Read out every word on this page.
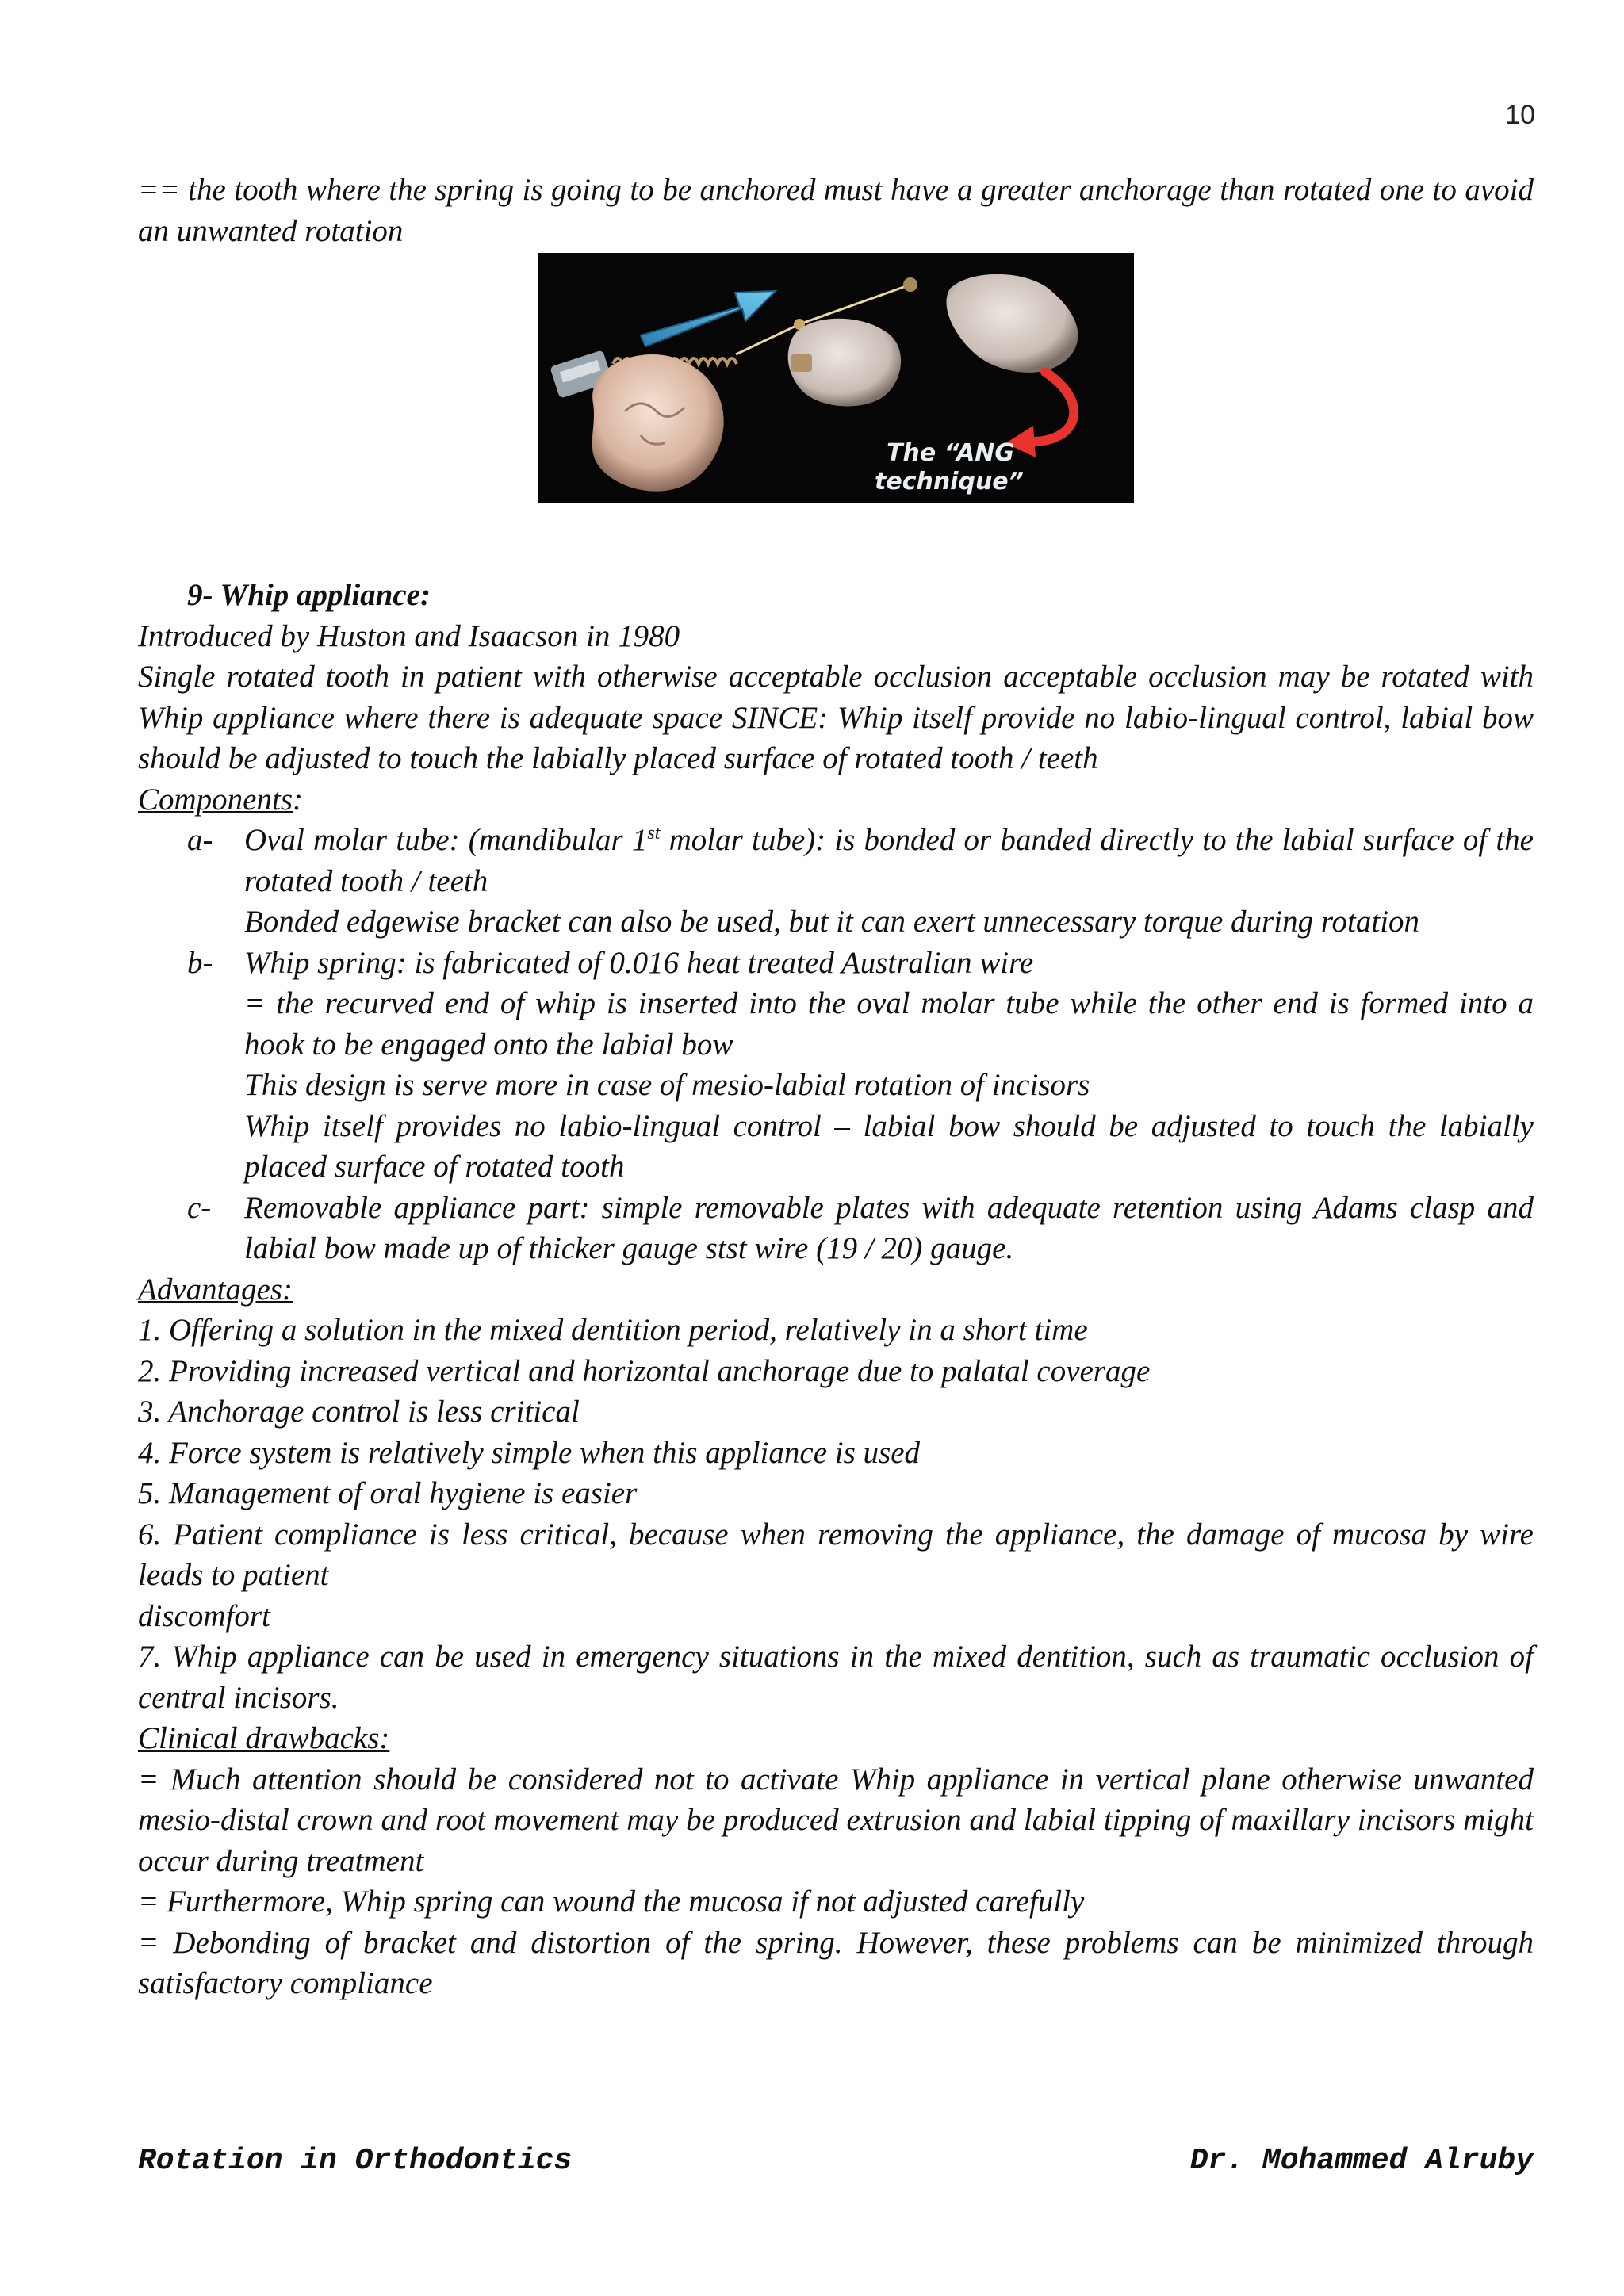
10

== the tooth where the spring is going to be anchored must have a greater anchorage than rotated one to avoid an unwanted rotation

The “ANG
technique”

9- Whip appliance:

Introduced by Huston and Isaacson in 1980

Single rotated tooth in patient with otherwise acceptable occlusion acceptable occlusion may be rotated with Whip appliance where there is adequate space SINCE: Whip itself provide no labio-lingual control, labial bow should be adjusted to touch the labially placed surface of rotated tooth / teeth

Components:

a-	Oval molar tube: (mandibular 1st molar tube): is bonded or banded directly to the labial surface of the rotated tooth / teeth

Bonded edgewise bracket can also be used, but it can exert unnecessary torque during rotation

b-	Whip spring: is fabricated of 0.016 heat treated Australian wire

= the recurved end of whip is inserted into the oval molar tube while the other end is formed into a hook to be engaged onto the labial bow

This design is serve more in case of mesio-labial rotation of incisors

Whip itself provides no labio-lingual control – labial bow should be adjusted to touch the labially placed surface of rotated tooth

c-	Removable appliance part: simple removable plates with adequate retention using Adams clasp and labial bow made up of thicker gauge stst wire (19 / 20) gauge.

Advantages:

1. Offering a solution in the mixed dentition period, relatively in a short time

2. Providing increased vertical and horizontal anchorage due to palatal coverage

3. Anchorage control is less critical

4. Force system is relatively simple when this appliance is used

5. Management of oral hygiene is easier

6. Patient compliance is less critical, because when removing the appliance, the damage of mucosa by wire leads to patient

discomfort

7. Whip appliance can be used in emergency situations in the mixed dentition, such as traumatic occlusion of central incisors.

Clinical drawbacks:

= Much attention should be considered not to activate Whip appliance in vertical plane otherwise unwanted mesio-distal crown and root movement may be produced extrusion and labial tipping of maxillary incisors might occur during treatment

= Furthermore, Whip spring can wound the mucosa if not adjusted carefully

= Debonding of bracket and distortion of the spring. However, these problems can be minimized through satisfactory compliance

Rotation in Orthodontics	Dr. Mohammed Alruby
